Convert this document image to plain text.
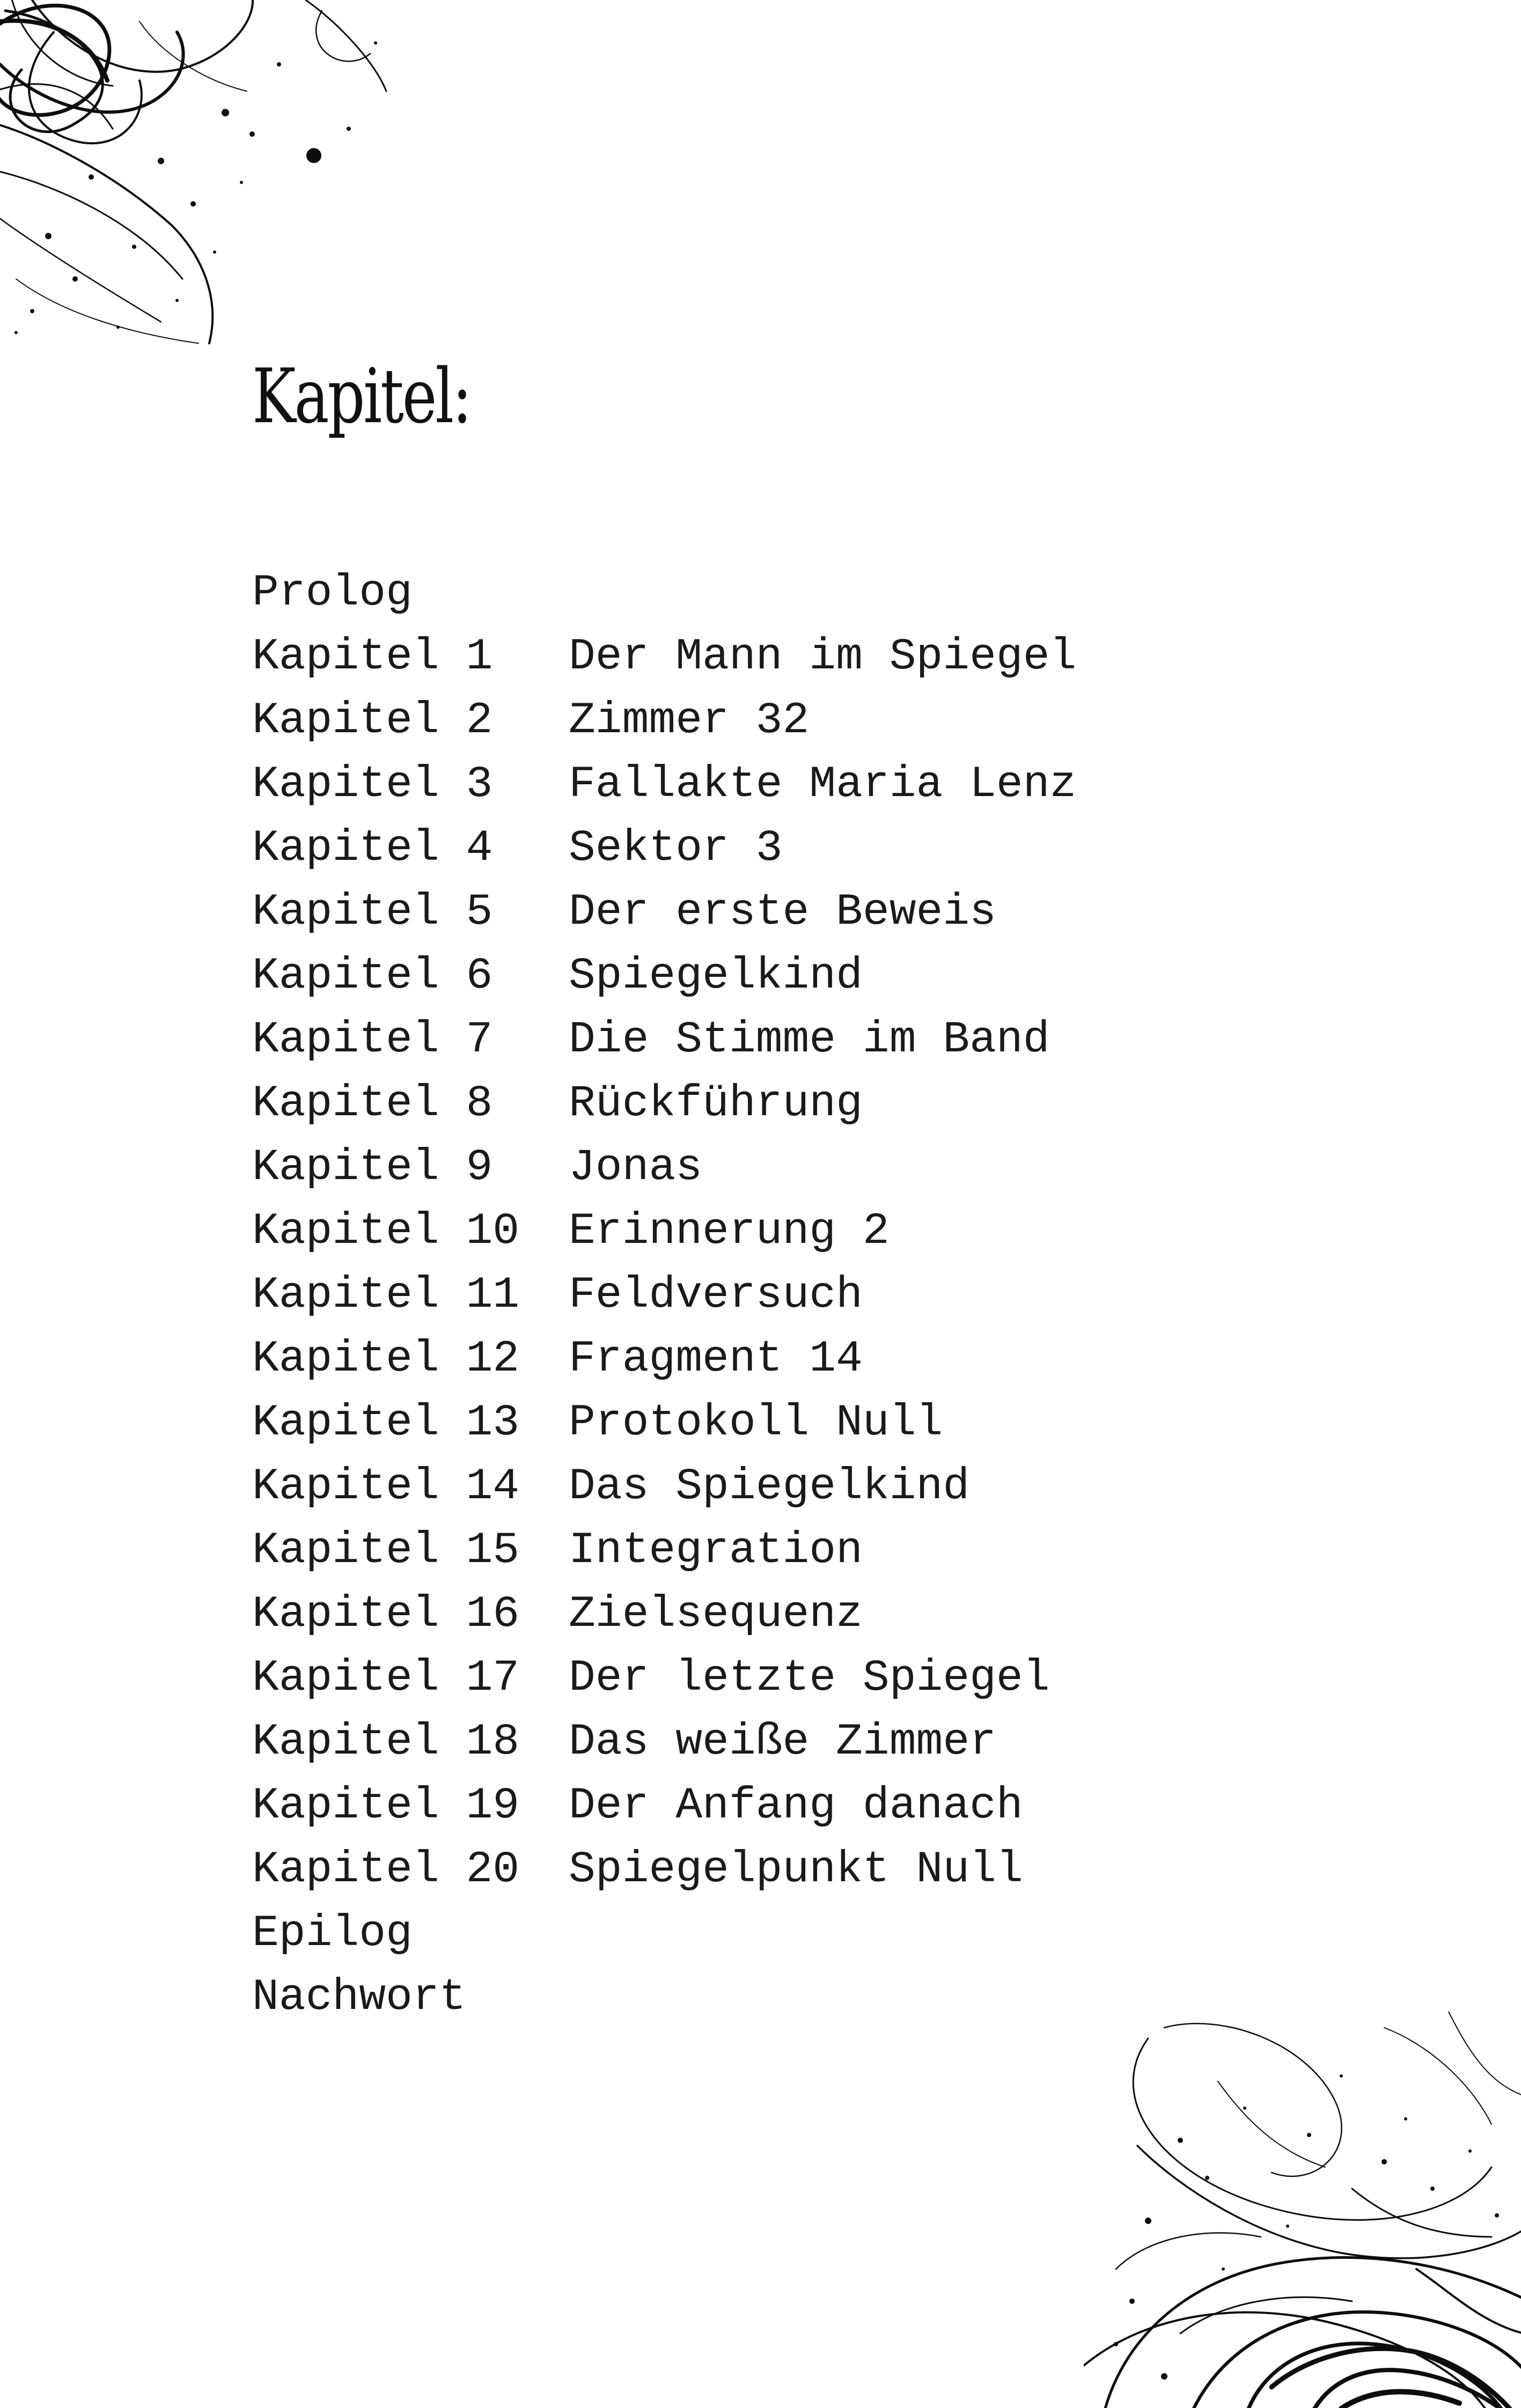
Kapitel:
Prolog
Kapitel 1 Der Mann im Spiegel
Kapitel 2 Zimmer 32
Kapitel 3 Fallakte Maria Lenz
Kapitel 4 Sektor 3
Kapitel 5 Der erste Beweis
Kapitel 6 Spiegelkind
Kapitel 7 Die Stimme im Band
Kapitel 8 Rückführung
Kapitel 9 Jonas
Kapitel 10 Erinnerung 2
Kapitel 11 Feldversuch
Kapitel 12 Fragment 14
Kapitel 13 Protokoll Null
Kapitel 14 Das Spiegelkind
Kapitel 15 Integration
Kapitel 16 Zielsequenz
Kapitel 17 Der letzte Spiegel
Kapitel 18 Das weiße Zimmer
Kapitel 19 Der Anfang danach
Kapitel 20 Spiegelpunkt Null
Epilog
Nachwort
